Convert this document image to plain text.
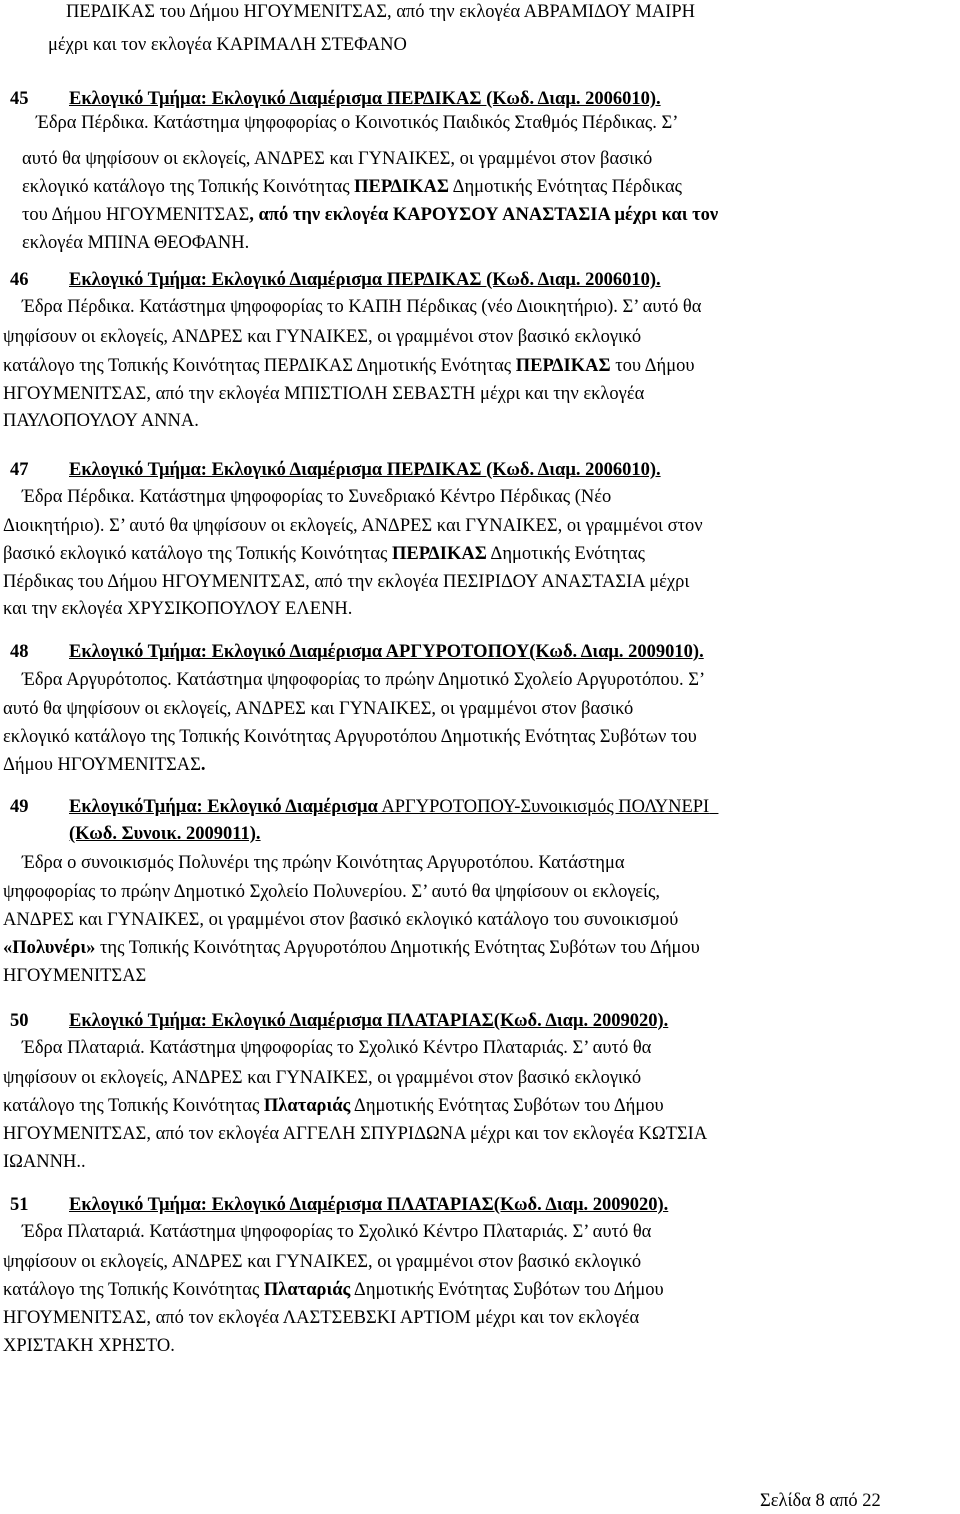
ΠΕΡΔΙΚΑΣ του Δήμου ΗΓΟΥΜΕΝΙΤΣΑΣ, από την εκλογέα ΑΒΡΑΜΙΔΟΥ ΜΑΙΡΗ
μέχρι και τον εκλογέα ΚΑΡΙΜΑΛΗ ΣΤΕΦΑΝΟ
45 Εκλογικό Τμήμα: Εκλογικό Διαμέρισμα ΠΕΡΔΙΚΑΣ (Κωδ. Διαμ. 2006010).
Έδρα Πέρδικα. Κατάστημα ψηφοφορίας ο Κοινοτικός Παιδικός Σταθμός Πέρδικας. Σ’
αυτό θα ψηφίσουν οι εκλογείς, ΑΝΔΡΕΣ και ΓΥΝΑΙΚΕΣ, οι γραμμένοι στον βασικό
εκλογικό κατάλογο της Τοπικής Κοινότητας ΠΕΡΔΙΚΑΣ Δημοτικής Ενότητας Πέρδικας
του Δήμου ΗΓΟΥΜΕΝΙΤΣΑΣ, από την εκλογέα ΚΑΡΟΥΣΟΥ ΑΝΑΣΤΑΣΙΑ μέχρι και τον
εκλογέα ΜΠΙΝΑ ΘΕΟΦΑΝΗ.
46 Εκλογικό Τμήμα: Εκλογικό Διαμέρισμα ΠΕΡΔΙΚΑΣ (Κωδ. Διαμ. 2006010).
Έδρα Πέρδικα. Κατάστημα ψηφοφορίας το ΚΑΠΗ Πέρδικας (νέο Διοικητήριο). Σ’ αυτό θα
ψηφίσουν οι εκλογείς, ΑΝΔΡΕΣ και ΓΥΝΑΙΚΕΣ, οι γραμμένοι στον βασικό εκλογικό
κατάλογο της Τοπικής Κοινότητας ΠΕΡΔΙΚΑΣ Δημοτικής Ενότητας ΠΕΡΔΙΚΑΣ του Δήμου
ΗΓΟΥΜΕΝΙΤΣΑΣ, από την εκλογέα ΜΠΙΣΤΙΟΛΗ ΣΕΒΑΣΤΗ μέχρι και την εκλογέα
ΠΑΥΛΟΠΟΥΛΟΥ ΑΝΝΑ.
47 Εκλογικό Τμήμα: Εκλογικό Διαμέρισμα ΠΕΡΔΙΚΑΣ (Κωδ. Διαμ. 2006010).
Έδρα Πέρδικα. Κατάστημα ψηφοφορίας το Συνεδριακό Κέντρο Πέρδικας (Νέο
Διοικητήριο). Σ’ αυτό θα ψηφίσουν οι εκλογείς, ΑΝΔΡΕΣ και ΓΥΝΑΙΚΕΣ, οι γραμμένοι στον
βασικό εκλογικό κατάλογο της Τοπικής Κοινότητας ΠΕΡΔΙΚΑΣ Δημοτικής Ενότητας
Πέρδικας του Δήμου ΗΓΟΥΜΕΝΙΤΣΑΣ, από την εκλογέα ΠΕΣΙΡΙΔΟΥ ΑΝΑΣΤΑΣΙΑ μέχρι
και την εκλογέα ΧΡΥΣΙΚΟΠΟΥΛΟΥ ΕΛΕΝΗ.
48 Εκλογικό Τμήμα: Εκλογικό Διαμέρισμα ΑΡΓΥΡΟΤΟΠΟΥ(Κωδ. Διαμ. 2009010).
Έδρα Αργυρότοπος. Κατάστημα ψηφοφορίας το πρώην Δημοτικό Σχολείο Αργυροτόπου. Σ’
αυτό θα ψηφίσουν οι εκλογείς, ΑΝΔΡΕΣ και ΓΥΝΑΙΚΕΣ, οι γραμμένοι στον βασικό
εκλογικό κατάλογο της Τοπικής Κοινότητας Αργυροτόπου Δημοτικής Ενότητας Συβότων του
Δήμου ΗΓΟΥΜΕΝΙΤΣΑΣ.
49 ΕκλογικόΤμήμα: Εκλογικό Διαμέρισμα ΑΡΓΥΡΟΤΟΠΟΥ-Συνοικισμός ΠΟΛΥΝΕΡΙ
(Κωδ. Συνοικ. 2009011).
Έδρα ο συνοικισμός Πολυνέρι της πρώην Κοινότητας Αργυροτόπου. Κατάστημα
ψηφοφορίας το πρώην Δημοτικό Σχολείο Πολυνερίου. Σ’ αυτό θα ψηφίσουν οι εκλογείς,
ΑΝΔΡΕΣ και ΓΥΝΑΙΚΕΣ, οι γραμμένοι στον βασικό εκλογικό κατάλογο του συνοικισμού
«Πολυνέρι» της Τοπικής Κοινότητας Αργυροτόπου Δημοτικής Ενότητας Συβότων του Δήμου
ΗΓΟΥΜΕΝΙΤΣΑΣ
50 Εκλογικό Τμήμα: Εκλογικό Διαμέρισμα ΠΛΑΤΑΡΙΑΣ(Κωδ. Διαμ. 2009020).
Έδρα Πλαταριά. Κατάστημα ψηφοφορίας το Σχολικό Κέντρο Πλαταριάς. Σ’ αυτό θα
ψηφίσουν οι εκλογείς, ΑΝΔΡΕΣ και ΓΥΝΑΙΚΕΣ, οι γραμμένοι στον βασικό εκλογικό
κατάλογο της Τοπικής Κοινότητας Πλαταριάς Δημοτικής Ενότητας Συβότων του Δήμου
ΗΓΟΥΜΕΝΙΤΣΑΣ, από τον εκλογέα ΑΓΓΕΛΗ ΣΠΥΡΙΔΩΝΑ μέχρι και τον εκλογέα ΚΩΤΣΙΑ
ΙΩΑΝΝΗ..
51 Εκλογικό Τμήμα: Εκλογικό Διαμέρισμα ΠΛΑΤΑΡΙΑΣ(Κωδ. Διαμ. 2009020).
Έδρα Πλαταριά. Κατάστημα ψηφοφορίας το Σχολικό Κέντρο Πλαταριάς. Σ’ αυτό θα
ψηφίσουν οι εκλογείς, ΑΝΔΡΕΣ και ΓΥΝΑΙΚΕΣ, οι γραμμένοι στον βασικό εκλογικό
κατάλογο της Τοπικής Κοινότητας Πλαταριάς Δημοτικής Ενότητας Συβότων του Δήμου
ΗΓΟΥΜΕΝΙΤΣΑΣ, από τον εκλογέα ΛΑΣΤΣΕΒΣΚΙ ΑΡΤΙΟΜ μέχρι και τον εκλογέα
ΧΡΙΣΤΑΚΗ ΧΡΗΣΤΟ.
Σελίδα 8 από 22
